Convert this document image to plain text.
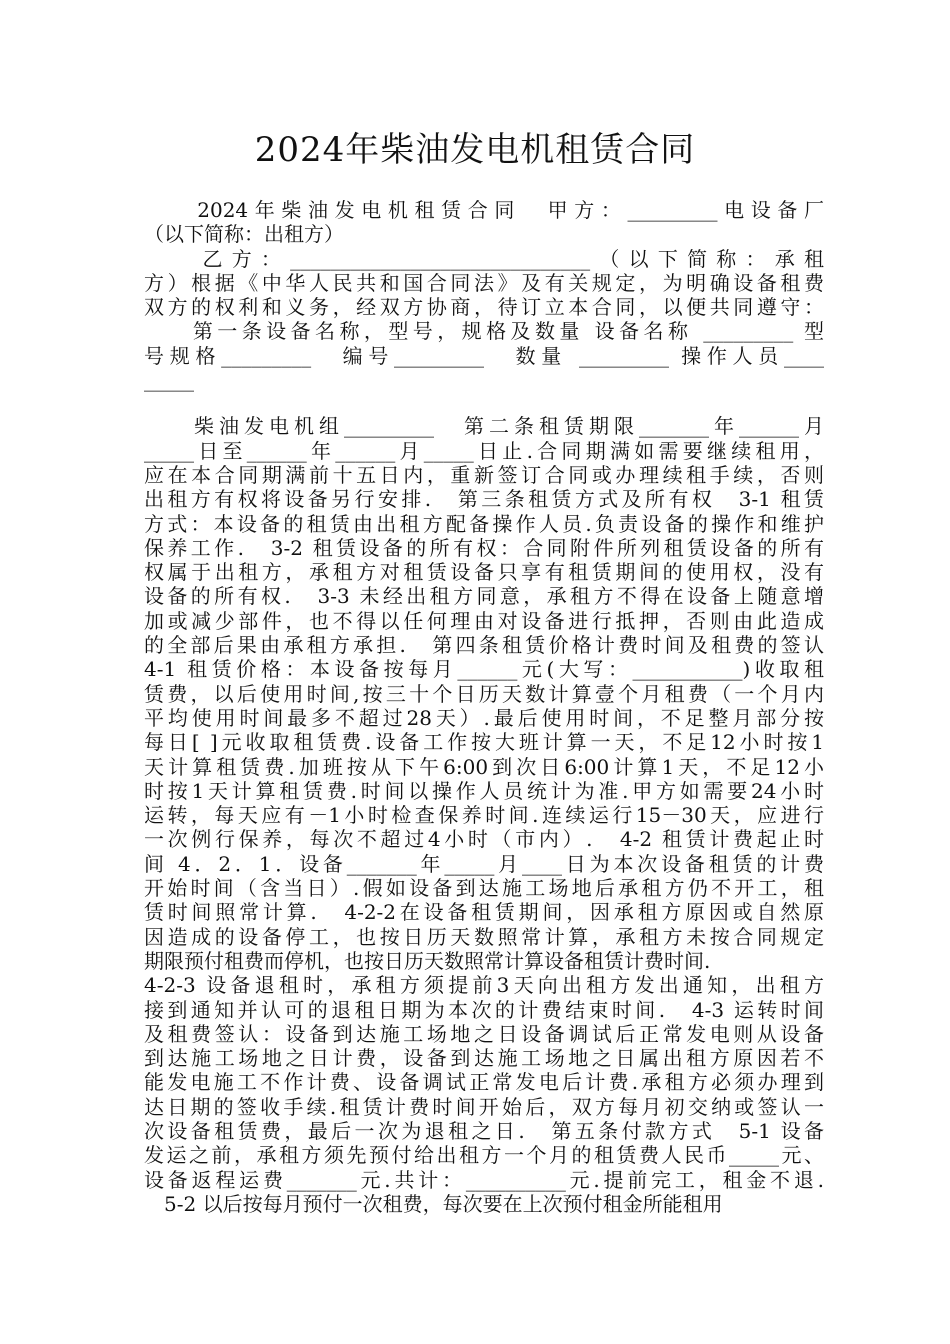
2024年柴油发电机租赁合同
　　2024年柴油发电机租赁合同　甲方：_________电设备厂
（以下简称：出租方）
　　乙方：______________________________（以下简称：承租
方）根据《中华人民共和国合同法》及有关规定，为明确设备租费
双方的权利和义务，经双方协商，待订立本合同，以便共同遵守：
　　第一条设备名称，型号，规格及数量 设备名称 _________ 型
号规格_________　编号_________　数量 _________ 操作人员____
_____
　　柴油发电机组_________　第二条租赁期限_______年______月
_____日至______年______月_____日止.合同期满如需要继续租用，
应在本合同期满前十五日内，重新签订合同或办理续租手续，否则
出租方有权将设备另行安排.　第三条租赁方式及所有权　3-1 租赁
方式：本设备的租赁由出租方配备操作人员.负责设备的操作和维护
保养工作.　3-2 租赁设备的所有权：合同附件所列租赁设备的所有
权属于出租方，承租方对租赁设备只享有租赁期间的使用权，没有
设备的所有权.　3-3 未经出租方同意，承租方不得在设备上随意增
加或减少部件，也不得以任何理由对设备进行抵押，否则由此造成
的全部后果由承租方承担.　第四条租赁价格计费时间及租费的签认
4-1 租赁价格：本设备按每月______元(大写：___________)收取租
赁费，以后使用时间,按三十个日历天数计算壹个月租费（一个月内
平均使用时间最多不超过28天）.最后使用时间，不足整月部分按
每日[ ]元收取租赁费.设备工作按大班计算一天，不足12小时按1
天计算租赁费.加班按从下午6:00到次日6:00计算1天，不足12小
时按1天计算租赁费.时间以操作人员统计为准.甲方如需要24小时
运转，每天应有－1小时检查保养时间.连续运行15－30天，应进行
一次例行保养，每次不超过4小时（市内）.　4-2 租赁计费起止时
间 4．2．1．设备_______年_____月____日为本次设备租赁的计费
开始时间（含当日）.假如设备到达施工场地后承租方仍不开工，租
赁时间照常计算.　4-2-2在设备租赁期间，因承租方原因或自然原
因造成的设备停工，也按日历天数照常计算，承租方未按合同规定
期限预付租费而停机，也按日历天数照常计算设备租赁计费时间.
4-2-3 设备退租时，承租方须提前3天向出租方发出通知，出租方
接到通知并认可的退租日期为本次的计费结束时间.　4-3 运转时间
及租费签认：设备到达施工场地之日设备调试后正常发电则从设备
到达施工场地之日计费，设备到达施工场地之日属出租方原因若不
能发电施工不作计费、设备调试正常发电后计费.承租方必须办理到
达日期的签收手续.租赁计费时间开始后，双方每月初交纳或签认一
次设备租赁费，最后一次为退租之日.　第五条付款方式　5-1 设备
发运之前，承租方须先预付给出租方一个月的租赁费人民币_____元、
设备返程运费_______元.共计：__________元.提前完工，租金不退.
　5-2 以后按每月预付一次租费，每次要在上次预付租金所能租用
